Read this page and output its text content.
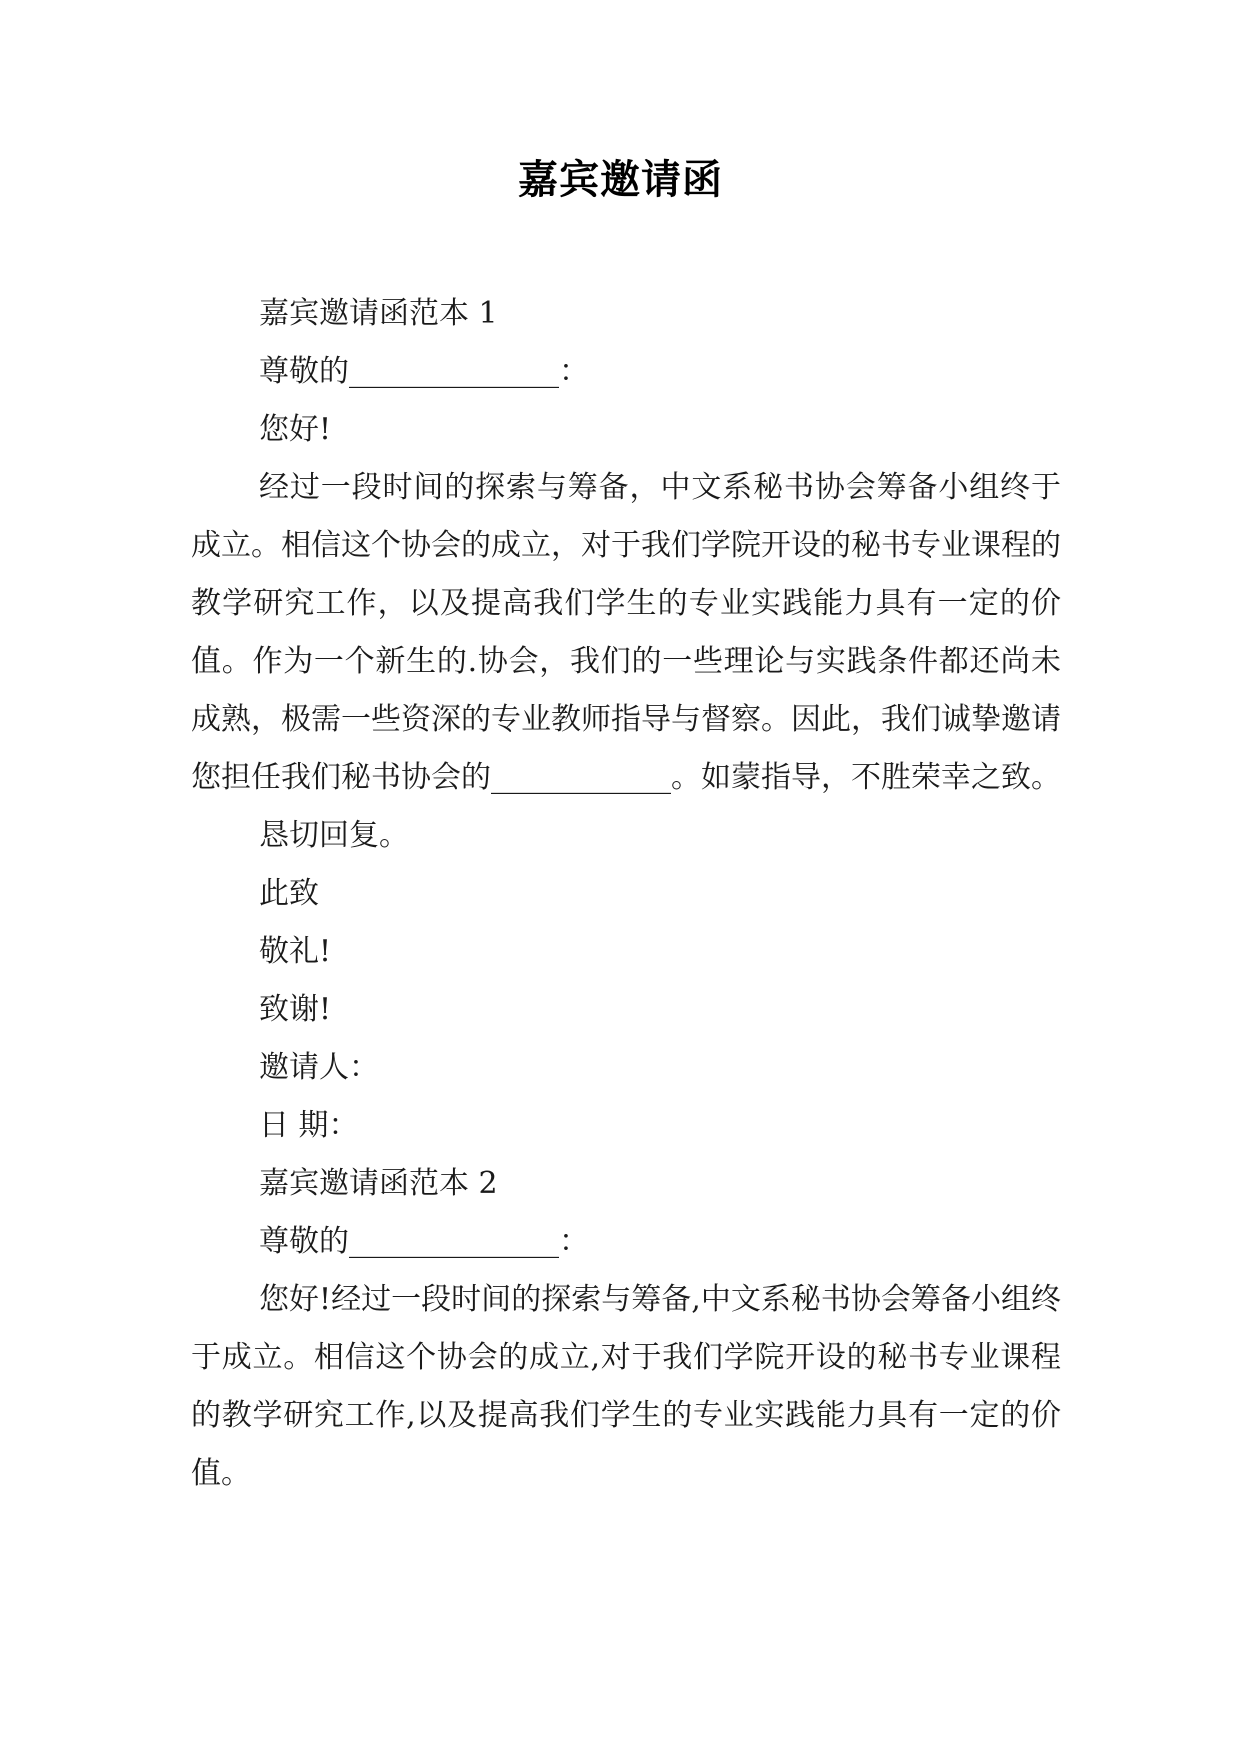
嘉宾邀请函

嘉宾邀请函范本 1

尊敬的______________：

您好!

经过一段时间的探索与筹备，中文系秘书协会筹备小组终于成立。相信这个协会的成立，对于我们学院开设的秘书专业课程的教学研究工作，以及提高我们学生的专业实践能力具有一定的价值。作为一个新生的.协会，我们的一些理论与实践条件都还尚未成熟，极需一些资深的专业教师指导与督察。因此，我们诚挚邀请您担任我们秘书协会的____________。如蒙指导，不胜荣幸之致。

恳切回复。

此致

敬礼!

致谢!

邀请人：

日 期：

嘉宾邀请函范本 2

尊敬的______________：

您好!经过一段时间的探索与筹备,中文系秘书协会筹备小组终于成立。相信这个协会的成立,对于我们学院开设的秘书专业课程的教学研究工作,以及提高我们学生的专业实践能力具有一定的价值。
